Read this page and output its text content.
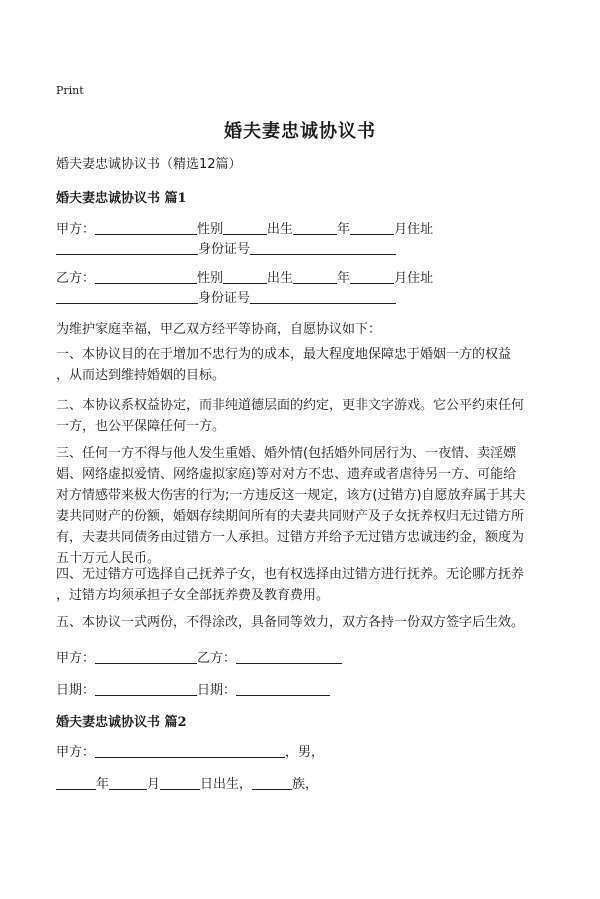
Print
婚夫妻忠诚协议书
婚夫妻忠诚协议书（精选12篇）
婚夫妻忠诚协议书 篇1
甲方：	性别	出生	年	月住址
身份证号
乙方：	性别	出生	年	月住址
身份证号
为维护家庭幸福，甲乙双方经平等协商，自愿协议如下：
一、本协议目的在于增加不忠行为的成本，最大程度地保障忠于婚姻一方的权益
，从而达到维持婚姻的目标。
二、本协议系权益协定，而非纯道德层面的约定，更非文字游戏。它公平约束任何
一方，也公平保障任何一方。
三、任何一方不得与他人发生重婚、婚外情(包括婚外同居行为、一夜情、卖淫嫖
娼、网络虚拟爱情、网络虚拟家庭)等对对方不忠、遗弃或者虐待另一方、可能给
对方情感带来极大伤害的行为;一方违反这一规定，该方(过错方)自愿放弃属于其夫
妻共同财产的份额，婚姻存续期间所有的夫妻共同财产及子女抚养权归无过错方所
有，夫妻共同债务由过错方一人承担。过错方并给予无过错方忠诚违约金，额度为
五十万元人民币。
四、无过错方可选择自己抚养子女，也有权选择由过错方进行抚养。无论哪方抚养
，过错方均须承担子女全部抚养费及教育费用。
五、本协议一式两份，不得涂改，具备同等效力，双方各持一份双方签字后生效。
甲方：	乙方：
日期：	日期：
婚夫妻忠诚协议书 篇2
甲方：	，男，
年	月	日出生，	族，
